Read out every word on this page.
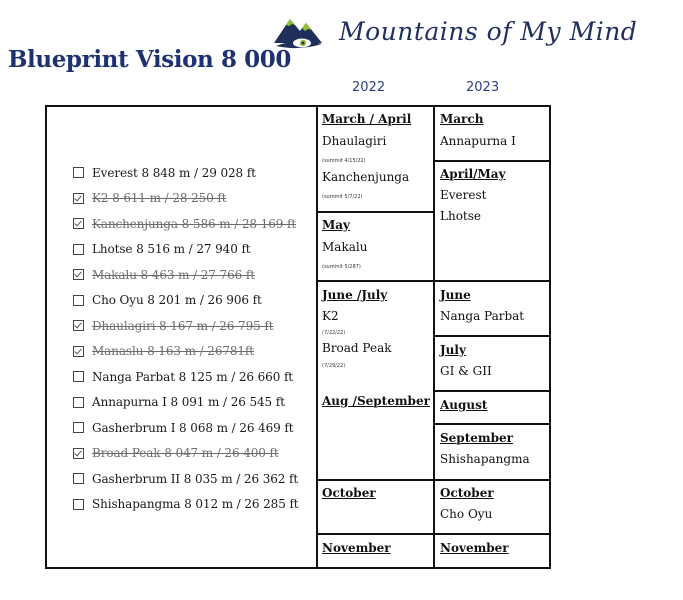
Mountains of My Mind
Blueprint Vision 8 000
2022	2023
Everest 8 848 m / 29 028 ft
K2 8 611 m / 28 250 ft
Kanchenjunga 8 586 m / 28 169 ft
Lhotse 8 516 m / 27 940 ft
Makalu 8 463 m / 27 766 ft
Cho Oyu 8 201 m / 26 906 ft
Dhaulagiri 8 167 m / 26 795 ft
Manaslu 8 163 m / 26781ft
Nanga Parbat 8 125 m / 26 660 ft
Annapurna I 8 091 m / 26 545 ft
Gasherbrum I 8 068 m / 26 469 ft
Broad Peak 8 047 m / 26 400 ft
Gasherbrum II 8 035 m / 26 362 ft
Shishapangma 8 012 m / 26 285 ft
March / April
Dhaulagiri
(summit 4/15/22)
Kanchenjunga
(summit 5/7/22)
May
Makalu
(summit 5/287)
June /July
K2
(7/22/22)
Broad Peak
(7/29/22)
Aug /September
October
November
March
Annapurna I
April/May
Everest
Lhotse
June
Nanga Parbat
July
GI & GII
August
September
Shishapangma
October
Cho Oyu
November
